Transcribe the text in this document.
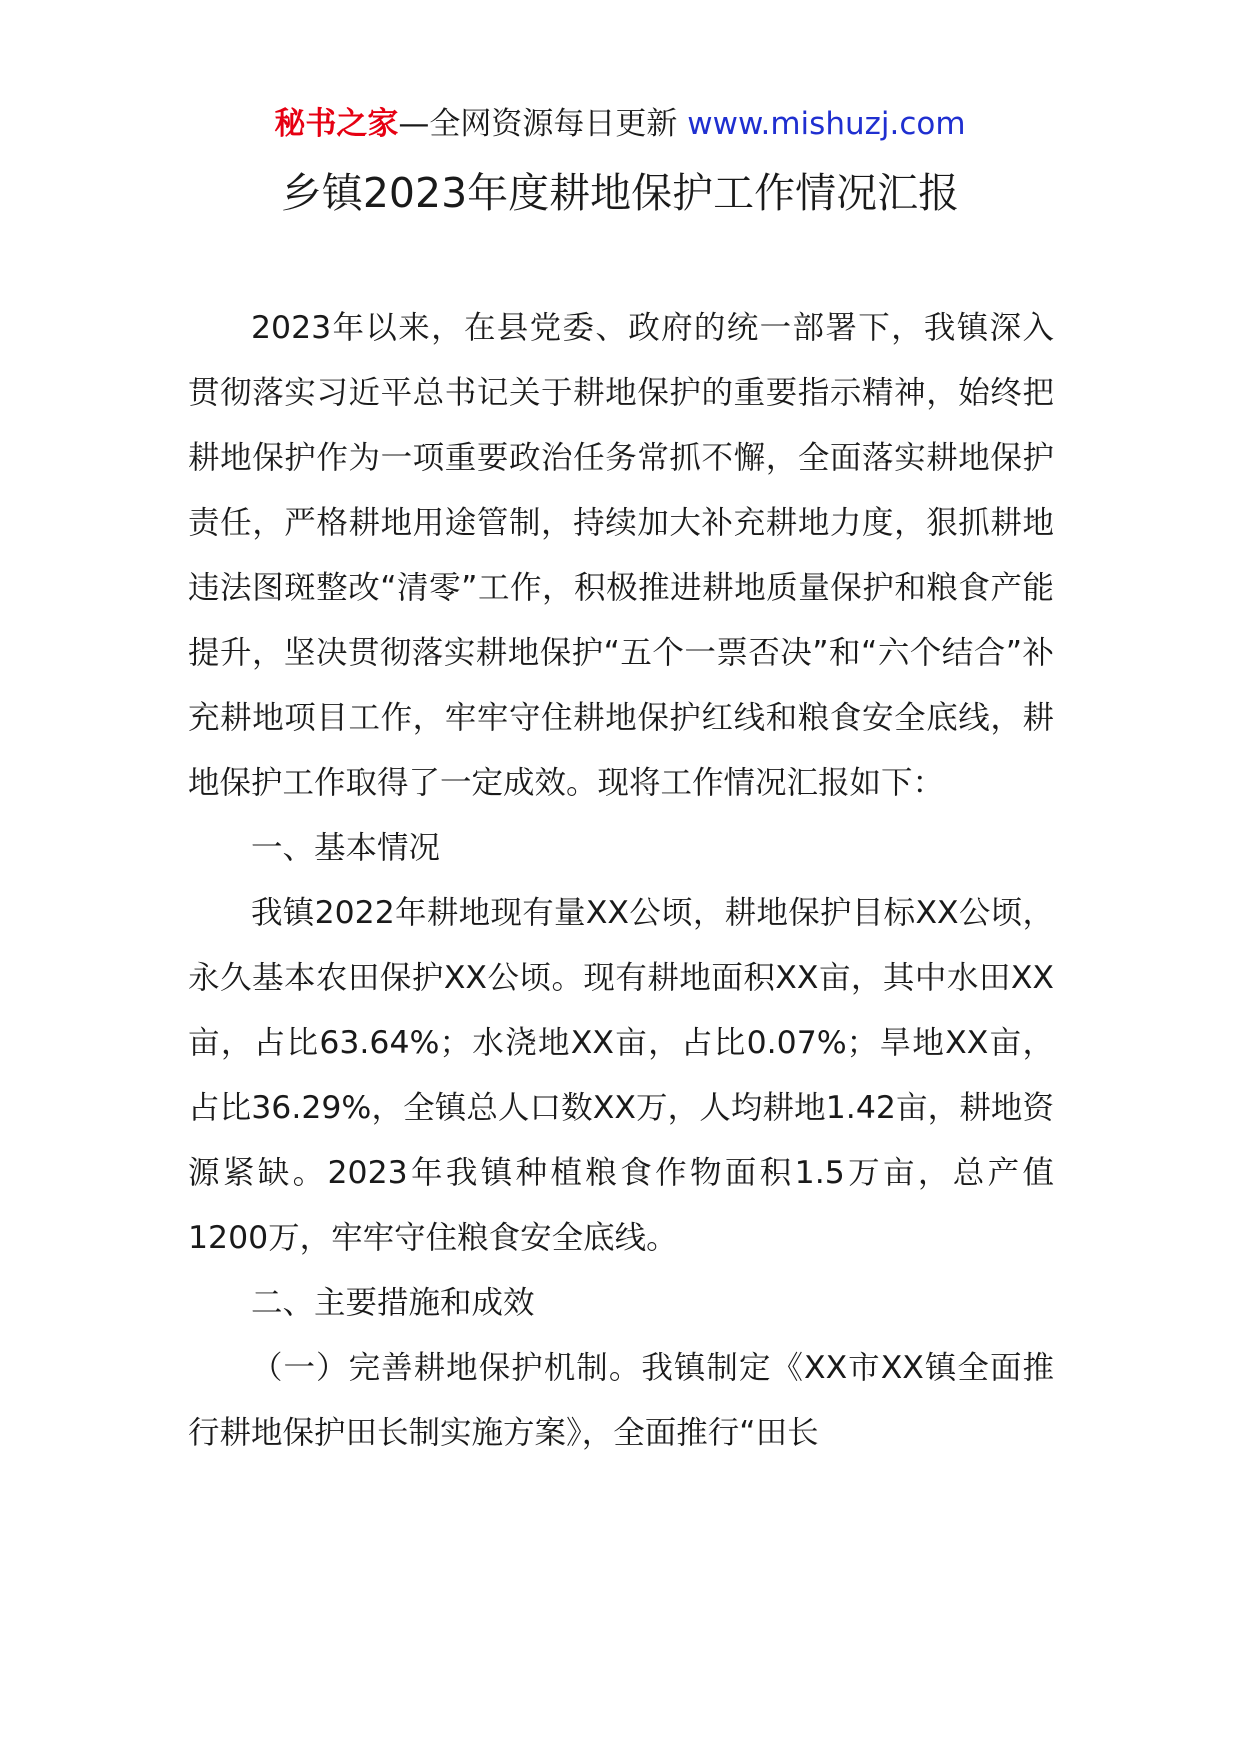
秘书之家—全网资源每日更新 www.mishuzj.com
乡镇2023年度耕地保护工作情况汇报

2023年以来，在县党委、政府的统一部署下，我镇深入贯彻落实习近平总书记关于耕地保护的重要指示精神，始终把耕地保护作为一项重要政治任务常抓不懈，全面落实耕地保护责任，严格耕地用途管制，持续加大补充耕地力度，狠抓耕地违法图斑整改“清零”工作，积极推进耕地质量保护和粮食产能提升，坚决贯彻落实耕地保护“五个一票否决”和“六个结合”补充耕地项目工作，牢牢守住耕地保护红线和粮食安全底线，耕地保护工作取得了一定成效。现将工作情况汇报如下：

一、基本情况

我镇2022年耕地现有量XX公顷，耕地保护目标XX公顷，永久基本农田保护XX公顷。现有耕地面积XX亩，其中水田XX亩，占比63.64%；水浇地XX亩，占比0.07%；旱地XX亩，占比36.29%，全镇总人口数XX万，人均耕地1.42亩，耕地资源紧缺。2023年我镇种植粮食作物面积1.5万亩，总产值1200万，牢牢守住粮食安全底线。

二、主要措施和成效

（一）完善耕地保护机制。我镇制定《XX市XX镇全面推行耕地保护田长制实施方案》，全面推行“田长
